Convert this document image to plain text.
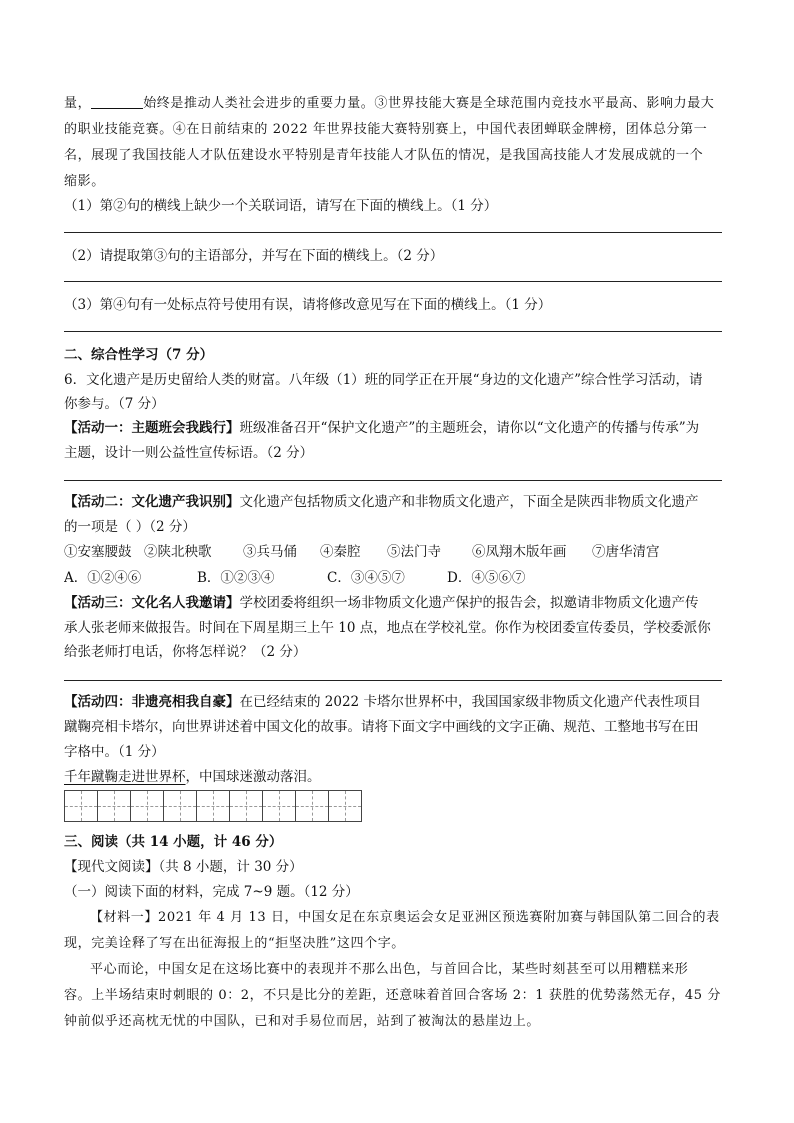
量，	始终是推动人类社会进步的重要力量。③世界技能大赛是全球范围内竞技水平最高、影响力最大
的职业技能竞赛。④在日前结束的 2022 年世界技能大赛特别赛上，中国代表团蝉联金牌榜，团体总分第一
名，展现了我国技能人才队伍建设水平特别是青年技能人才队伍的情况，是我国高技能人才发展成就的一个
缩影。
（1）第②句的横线上缺少一个关联词语，请写在下面的横线上。（1 分）
（2）请提取第③句的主语部分，并写在下面的横线上。（2 分）
（3）第④句有一处标点符号使用有误，请将修改意见写在下面的横线上。（1 分）
二、综合性学习（7 分）
6．文化遗产是历史留给人类的财富。八年级（1）班的同学正在开展“身边的文化遗产”综合性学习活动，请
你参与。（7 分）
【活动一：主题班会我践行】班级准备召开“保护文化遗产”的主题班会，请你以“文化遗产的传播与传承”为
主题，设计一则公益性宣传标语。（2 分）
【活动二：文化遗产我识别】文化遗产包括物质文化遗产和非物质文化遗产，下面全是陕西非物质文化遗产
的一项是（ ）（2 分）
①安塞腰鼓 ②陕北秧歌 ③兵马俑 ④秦腔 ⑤法门寺 ⑥凤翔木版年画 ⑦唐华清宫
A．①②④⑥	B．①②③④	C．③④⑤⑦	D．④⑤⑥⑦
【活动三：文化名人我邀请】学校团委将组织一场非物质文化遗产保护的报告会，拟邀请非物质文化遗产传
承人张老师来做报告。时间在下周星期三上午 10 点，地点在学校礼堂。你作为校团委宣传委员，学校委派你
给张老师打电话，你将怎样说？（2 分）
【活动四：非遗亮相我自豪】在已经结束的 2022 卡塔尔世界杯中，我国国家级非物质文化遗产代表性项目
蹴鞠亮相卡塔尔，向世界讲述着中国文化的故事。请将下面文字中画线的文字正确、规范、工整地书写在田
字格中。（1 分）
千年蹴鞠走进世界杯，中国球迷激动落泪。
三、阅读（共 14 小题，计 46 分）
【现代文阅读】（共 8 小题，计 30 分）
（一）阅读下面的材料，完成 7~9 题。（12 分）
【材料一】2021 年 4 月 13 日，中国女足在东京奥运会女足亚洲区预选赛附加赛与韩国队第二回合的表
现，完美诠释了写在出征海报上的“拒坚决胜”这四个字。
平心而论，中国女足在这场比赛中的表现并不那么出色，与首回合比，某些时刻甚至可以用糟糕来形
容。上半场结束时刺眼的 0：2，不只是比分的差距，还意味着首回合客场 2：1 获胜的优势荡然无存，45 分
钟前似乎还高枕无忧的中国队，已和对手易位而居，站到了被淘汰的悬崖边上。
